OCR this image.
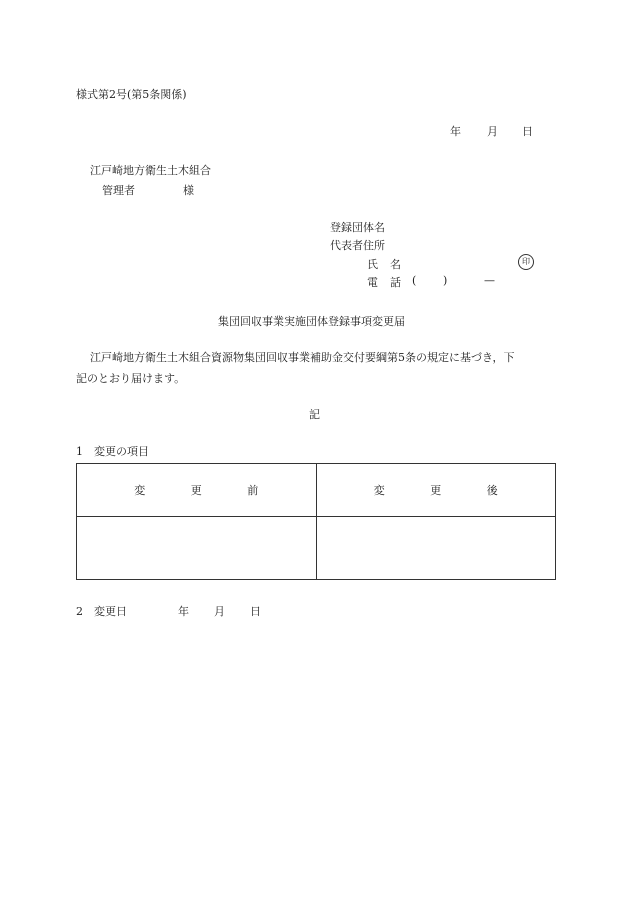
様式第2号(第5条関係)
年 月 日
江戸崎地方衛生土木組合
管理者	様
登録団体名
代表者住所
氏 名	印
電 話 ( )	—
集団回収事業実施団体登録事項変更届
江戸崎地方衛生土木組合資源物集団回収事業補助金交付要綱第5条の規定に基づき，下
記のとおり届けます。
記
1　変更の項目
変 更 前	変 更 後

2　変更日	年 月 日
